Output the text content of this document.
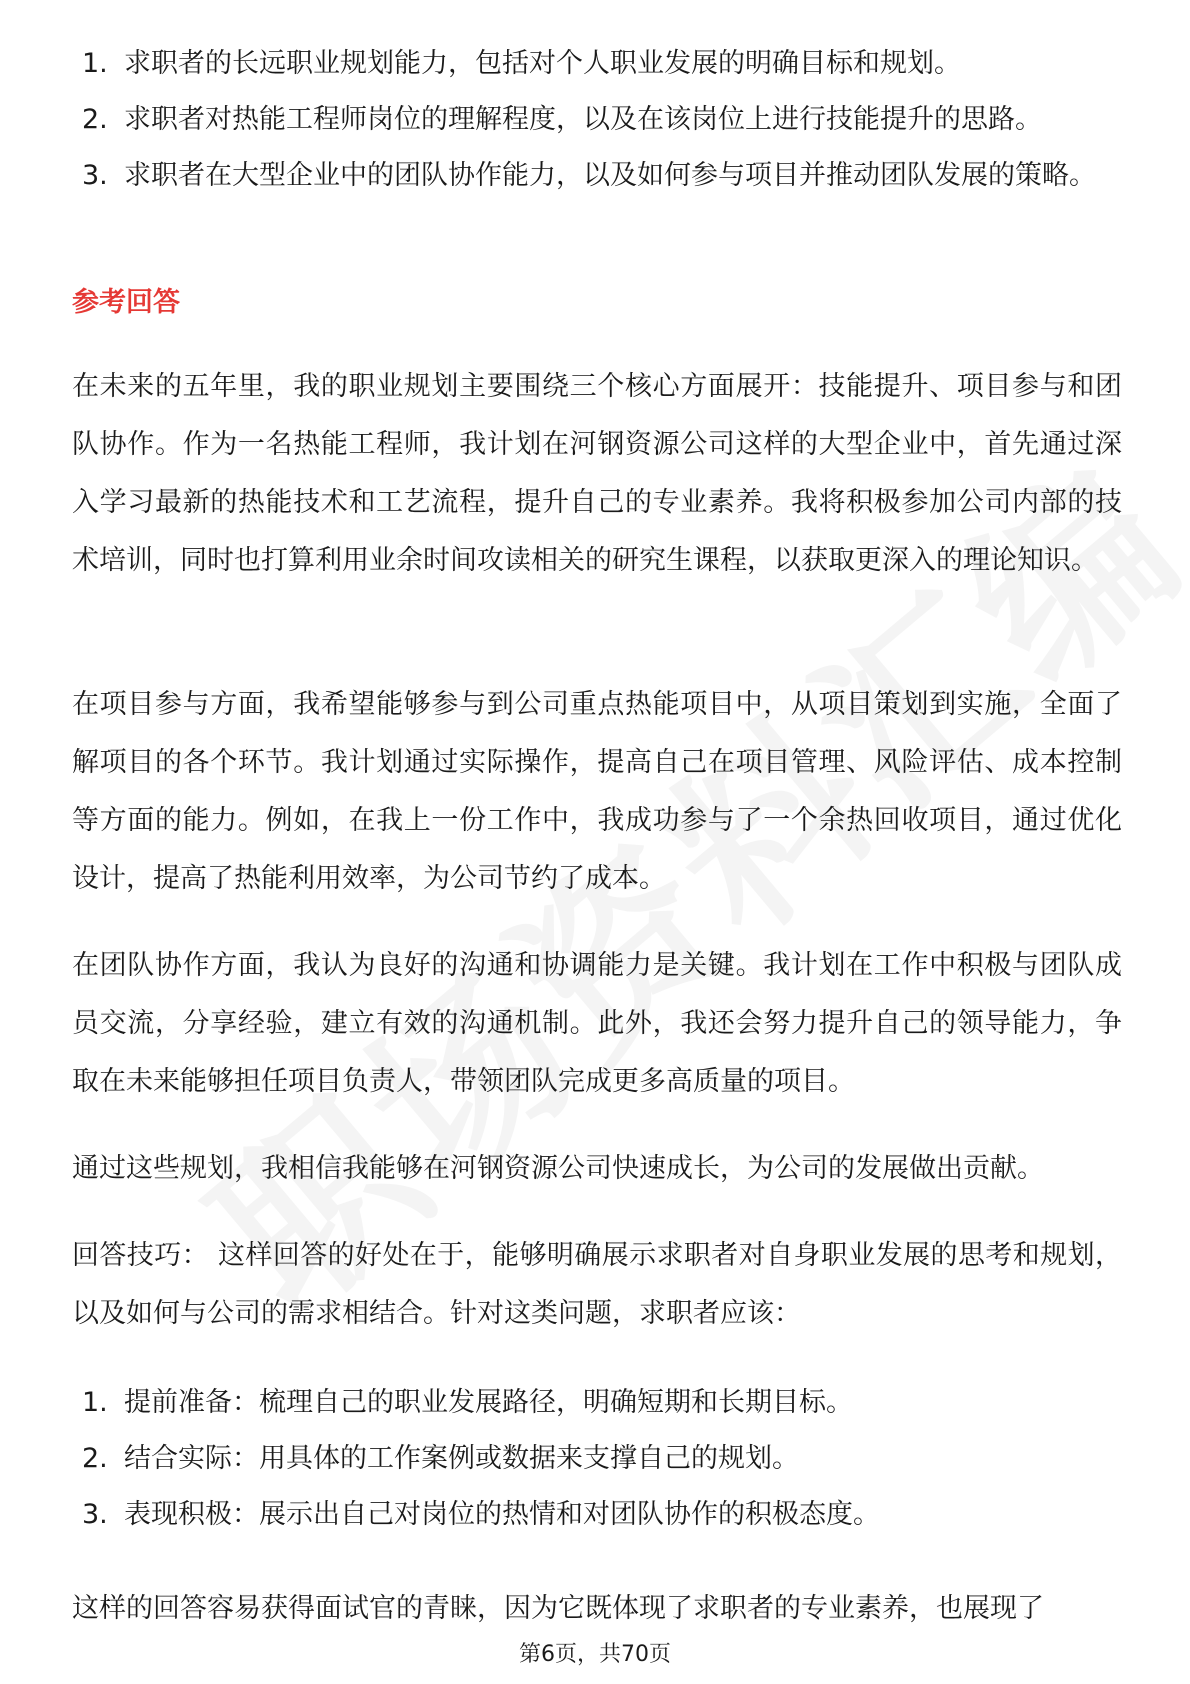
1. 求职者的长远职业规划能力，包括对个人职业发展的明确目标和规划。
2. 求职者对热能工程师岗位的理解程度，以及在该岗位上进行技能提升的思路。
3. 求职者在大型企业中的团队协作能力，以及如何参与项目并推动团队发展的策略。
参考回答

在未来的五年里，我的职业规划主要围绕三个核心方面展开：技能提升、项目参与和团队协作。作为一名热能工程师，我计划在河钢资源公司这样的大型企业中，首先通过深入学习最新的热能技术和工艺流程，提升自己的专业素养。我将积极参加公司内部的技术培训，同时也打算利用业余时间攻读相关的研究生课程，以获取更深入的理论知识。

在项目参与方面，我希望能够参与到公司重点热能项目中，从项目策划到实施，全面了解项目的各个环节。我计划通过实际操作，提高自己在项目管理、风险评估、成本控制等方面的能力。例如，在我上一份工作中，我成功参与了一个余热回收项目，通过优化设计，提高了热能利用效率，为公司节约了成本。

在团队协作方面，我认为良好的沟通和协调能力是关键。我计划在工作中积极与团队成员交流，分享经验，建立有效的沟通机制。此外，我还会努力提升自己的领导能力，争取在未来能够担任项目负责人，带领团队完成更多高质量的项目。

通过这些规划，我相信我能够在河钢资源公司快速成长，为公司的发展做出贡献。

回答技巧： 这样回答的好处在于，能够明确展示求职者对自身职业发展的思考和规划，以及如何与公司的需求相结合。针对这类问题，求职者应该：

1. 提前准备：梳理自己的职业发展路径，明确短期和长期目标。
2. 结合实际：用具体的工作案例或数据来支撑自己的规划。
3. 表现积极：展示出自己对岗位的热情和对团队协作的积极态度。

这样的回答容易获得面试官的青睐，因为它既体现了求职者的专业素养，也展现了

第6页，共70页
